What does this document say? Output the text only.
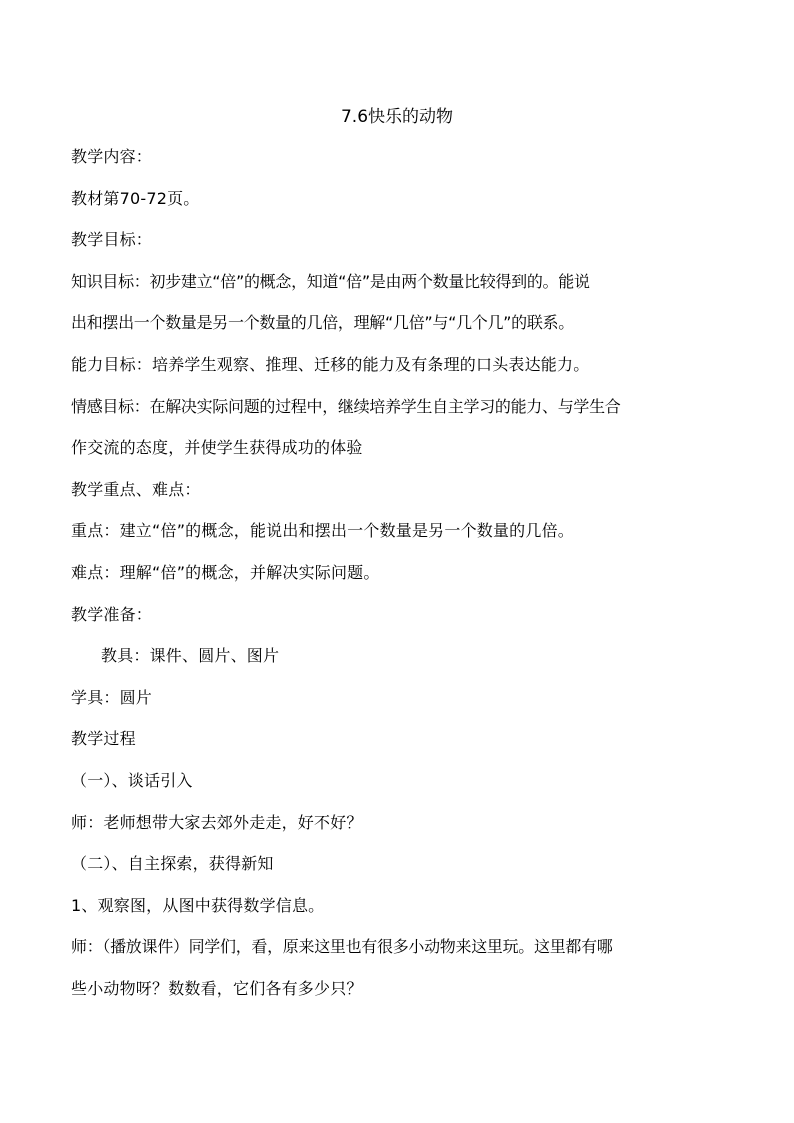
7.6快乐的动物
教学内容：
教材第70-72页。
教学目标：
知识目标：初步建立“倍”的概念，知道“倍”是由两个数量比较得到的。能说
出和摆出一个数量是另一个数量的几倍，理解“几倍”与“几个几”的联系。
能力目标：培养学生观察、推理、迁移的能力及有条理的口头表达能力。
情感目标：在解决实际问题的过程中，继续培养学生自主学习的能力、与学生合
作交流的态度，并使学生获得成功的体验
教学重点、难点：
重点：建立“倍”的概念，能说出和摆出一个数量是另一个数量的几倍。
难点：理解“倍”的概念，并解决实际问题。
教学准备：
教具：课件、圆片、图片
学具：圆片
教学过程
（一）、谈话引入
师：老师想带大家去郊外走走，好不好？
（二）、自主探索，获得新知
1、观察图，从图中获得数学信息。
师：（播放课件）同学们，看，原来这里也有很多小动物来这里玩。这里都有哪
些小动物呀？数数看，它们各有多少只？
